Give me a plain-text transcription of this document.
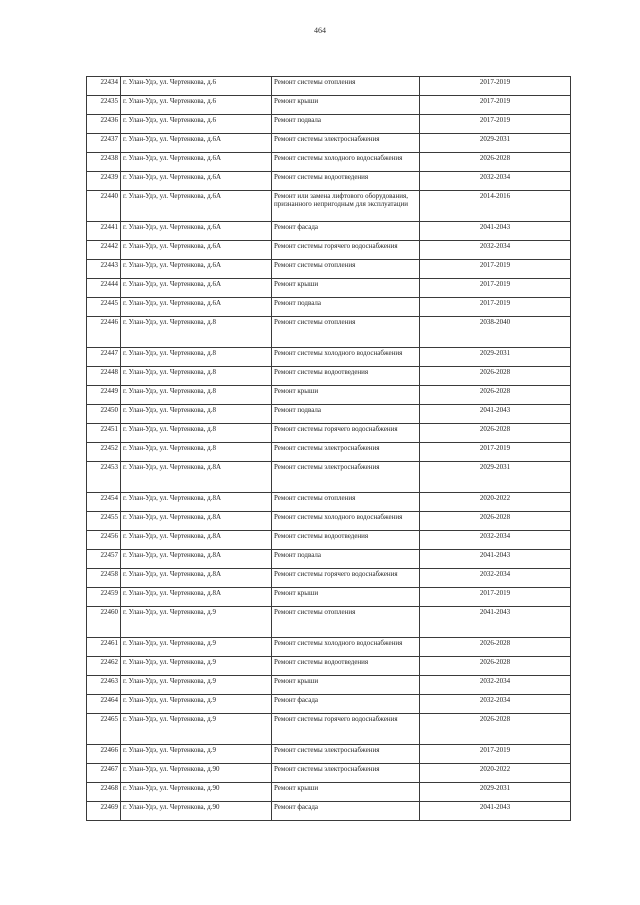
464
22434	г. Улан-Удэ, ул. Чертенкова, д.6	Ремонт системы отопления	2017-2019
22435	г. Улан-Удэ, ул. Чертенкова, д.6	Ремонт крыши	2017-2019
22436	г. Улан-Удэ, ул. Чертенкова, д.6	Ремонт подвала	2017-2019
22437	г. Улан-Удэ, ул. Чертенкова, д.6А	Ремонт системы электроснабжения	2029-2031
22438	г. Улан-Удэ, ул. Чертенкова, д.6А	Ремонт системы холодного водоснабжения	2026-2028
22439	г. Улан-Удэ, ул. Чертенкова, д.6А	Ремонт системы водоотведения	2032-2034
22440	г. Улан-Удэ, ул. Чертенкова, д.6А	Ремонт или замена лифтового оборудования, признанного непригодным для эксплуатации	2014-2016
22441	г. Улан-Удэ, ул. Чертенкова, д.6А	Ремонт фасада	2041-2043
22442	г. Улан-Удэ, ул. Чертенкова, д.6А	Ремонт системы горячего водоснабжения	2032-2034
22443	г. Улан-Удэ, ул. Чертенкова, д.6А	Ремонт системы отопления	2017-2019
22444	г. Улан-Удэ, ул. Чертенкова, д.6А	Ремонт крыши	2017-2019
22445	г. Улан-Удэ, ул. Чертенкова, д.6А	Ремонт подвала	2017-2019
22446	г. Улан-Удэ, ул. Чертенкова, д.8	Ремонт системы отопления	2038-2040
22447	г. Улан-Удэ, ул. Чертенкова, д.8	Ремонт системы холодного водоснабжения	2029-2031
22448	г. Улан-Удэ, ул. Чертенкова, д.8	Ремонт системы водоотведения	2026-2028
22449	г. Улан-Удэ, ул. Чертенкова, д.8	Ремонт крыши	2026-2028
22450	г. Улан-Удэ, ул. Чертенкова, д.8	Ремонт подвала	2041-2043
22451	г. Улан-Удэ, ул. Чертенкова, д.8	Ремонт системы горячего водоснабжения	2026-2028
22452	г. Улан-Удэ, ул. Чертенкова, д.8	Ремонт системы электроснабжения	2017-2019
22453	г. Улан-Удэ, ул. Чертенкова, д.8А	Ремонт системы электроснабжения	2029-2031
22454	г. Улан-Удэ, ул. Чертенкова, д.8А	Ремонт системы отопления	2020-2022
22455	г. Улан-Удэ, ул. Чертенкова, д.8А	Ремонт системы холодного водоснабжения	2026-2028
22456	г. Улан-Удэ, ул. Чертенкова, д.8А	Ремонт системы водоотведения	2032-2034
22457	г. Улан-Удэ, ул. Чертенкова, д.8А	Ремонт подвала	2041-2043
22458	г. Улан-Удэ, ул. Чертенкова, д.8А	Ремонт системы горячего водоснабжения	2032-2034
22459	г. Улан-Удэ, ул. Чертенкова, д.8А	Ремонт крыши	2017-2019
22460	г. Улан-Удэ, ул. Чертенкова, д.9	Ремонт системы отопления	2041-2043
22461	г. Улан-Удэ, ул. Чертенкова, д.9	Ремонт системы холодного водоснабжения	2026-2028
22462	г. Улан-Удэ, ул. Чертенкова, д.9	Ремонт системы водоотведения	2026-2028
22463	г. Улан-Удэ, ул. Чертенкова, д.9	Ремонт крыши	2032-2034
22464	г. Улан-Удэ, ул. Чертенкова, д.9	Ремонт фасада	2032-2034
22465	г. Улан-Удэ, ул. Чертенкова, д.9	Ремонт системы горячего водоснабжения	2026-2028
22466	г. Улан-Удэ, ул. Чертенкова, д.9	Ремонт системы электроснабжения	2017-2019
22467	г. Улан-Удэ, ул. Чертенкова, д.90	Ремонт системы электроснабжения	2020-2022
22468	г. Улан-Удэ, ул. Чертенкова, д.90	Ремонт крыши	2029-2031
22469	г. Улан-Удэ, ул. Чертенкова, д.90	Ремонт фасада	2041-2043
